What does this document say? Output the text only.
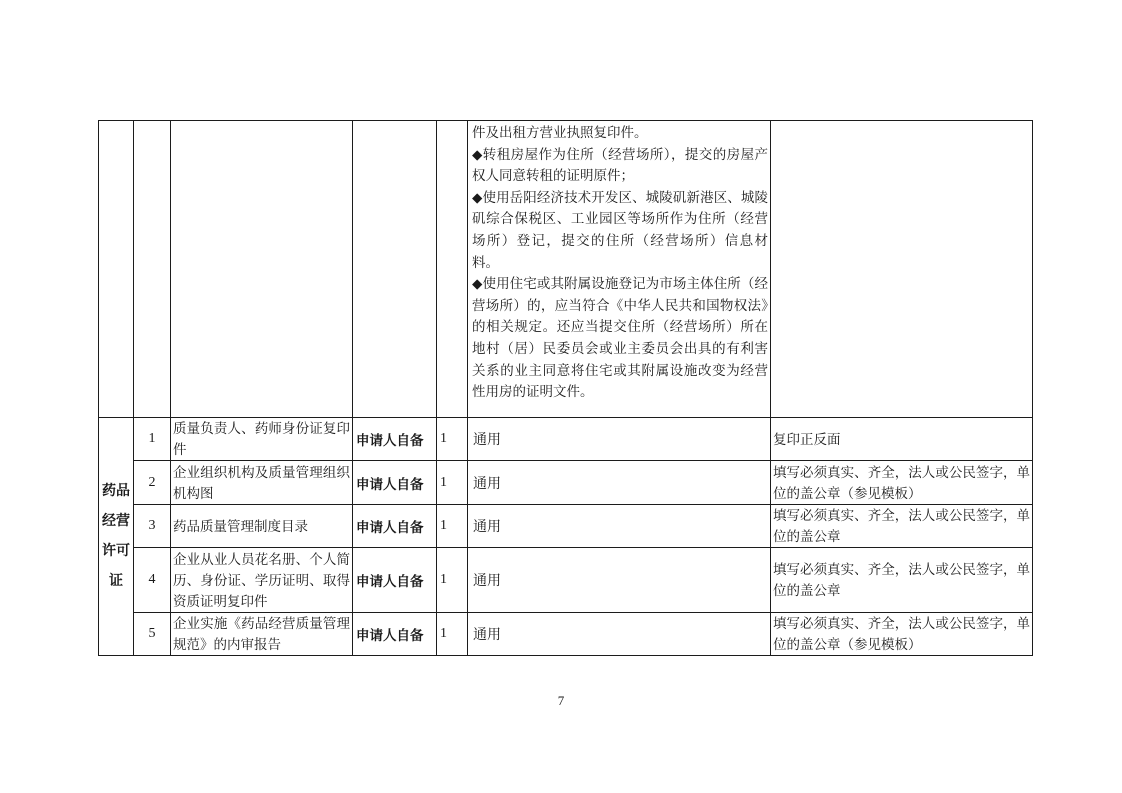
					件及出租方营业执照复印件。
◆转租房屋作为住所（经营场所），提交的房屋产权人同意转租的证明原件；
◆使用岳阳经济技术开发区、城陵矶新港区、城陵矶综合保税区、工业园区等场所作为住所（经营场所）登记，提交的住所（经营场所）信息材料。
◆使用住宅或其附属设施登记为市场主体住所（经营场所）的，应当符合《中华人民共和国物权法》的相关规定。还应当提交住所（经营场所）所在地村（居）民委员会或业主委员会出具的有利害关系的业主同意将住宅或其附属设施改变为经营性用房的证明文件。	

药品
经营
许可
证	1	质量负责人、药师身份证复印件	申请人自备	1	通用	复印正反面
	2	企业组织机构及质量管理组织机构图	申请人自备	1	通用	填写必须真实、齐全，法人或公民签字，单位的盖公章（参见模板）
	3	药品质量管理制度目录	申请人自备	1	通用	填写必须真实、齐全，法人或公民签字，单位的盖公章
	4	企业从业人员花名册、个人简历、身份证、学历证明、取得资质证明复印件	申请人自备	1	通用	填写必须真实、齐全，法人或公民签字，单位的盖公章
	5	企业实施《药品经营质量管理规范》的内审报告	申请人自备	1	通用	填写必须真实、齐全，法人或公民签字，单位的盖公章（参见模板）
7
